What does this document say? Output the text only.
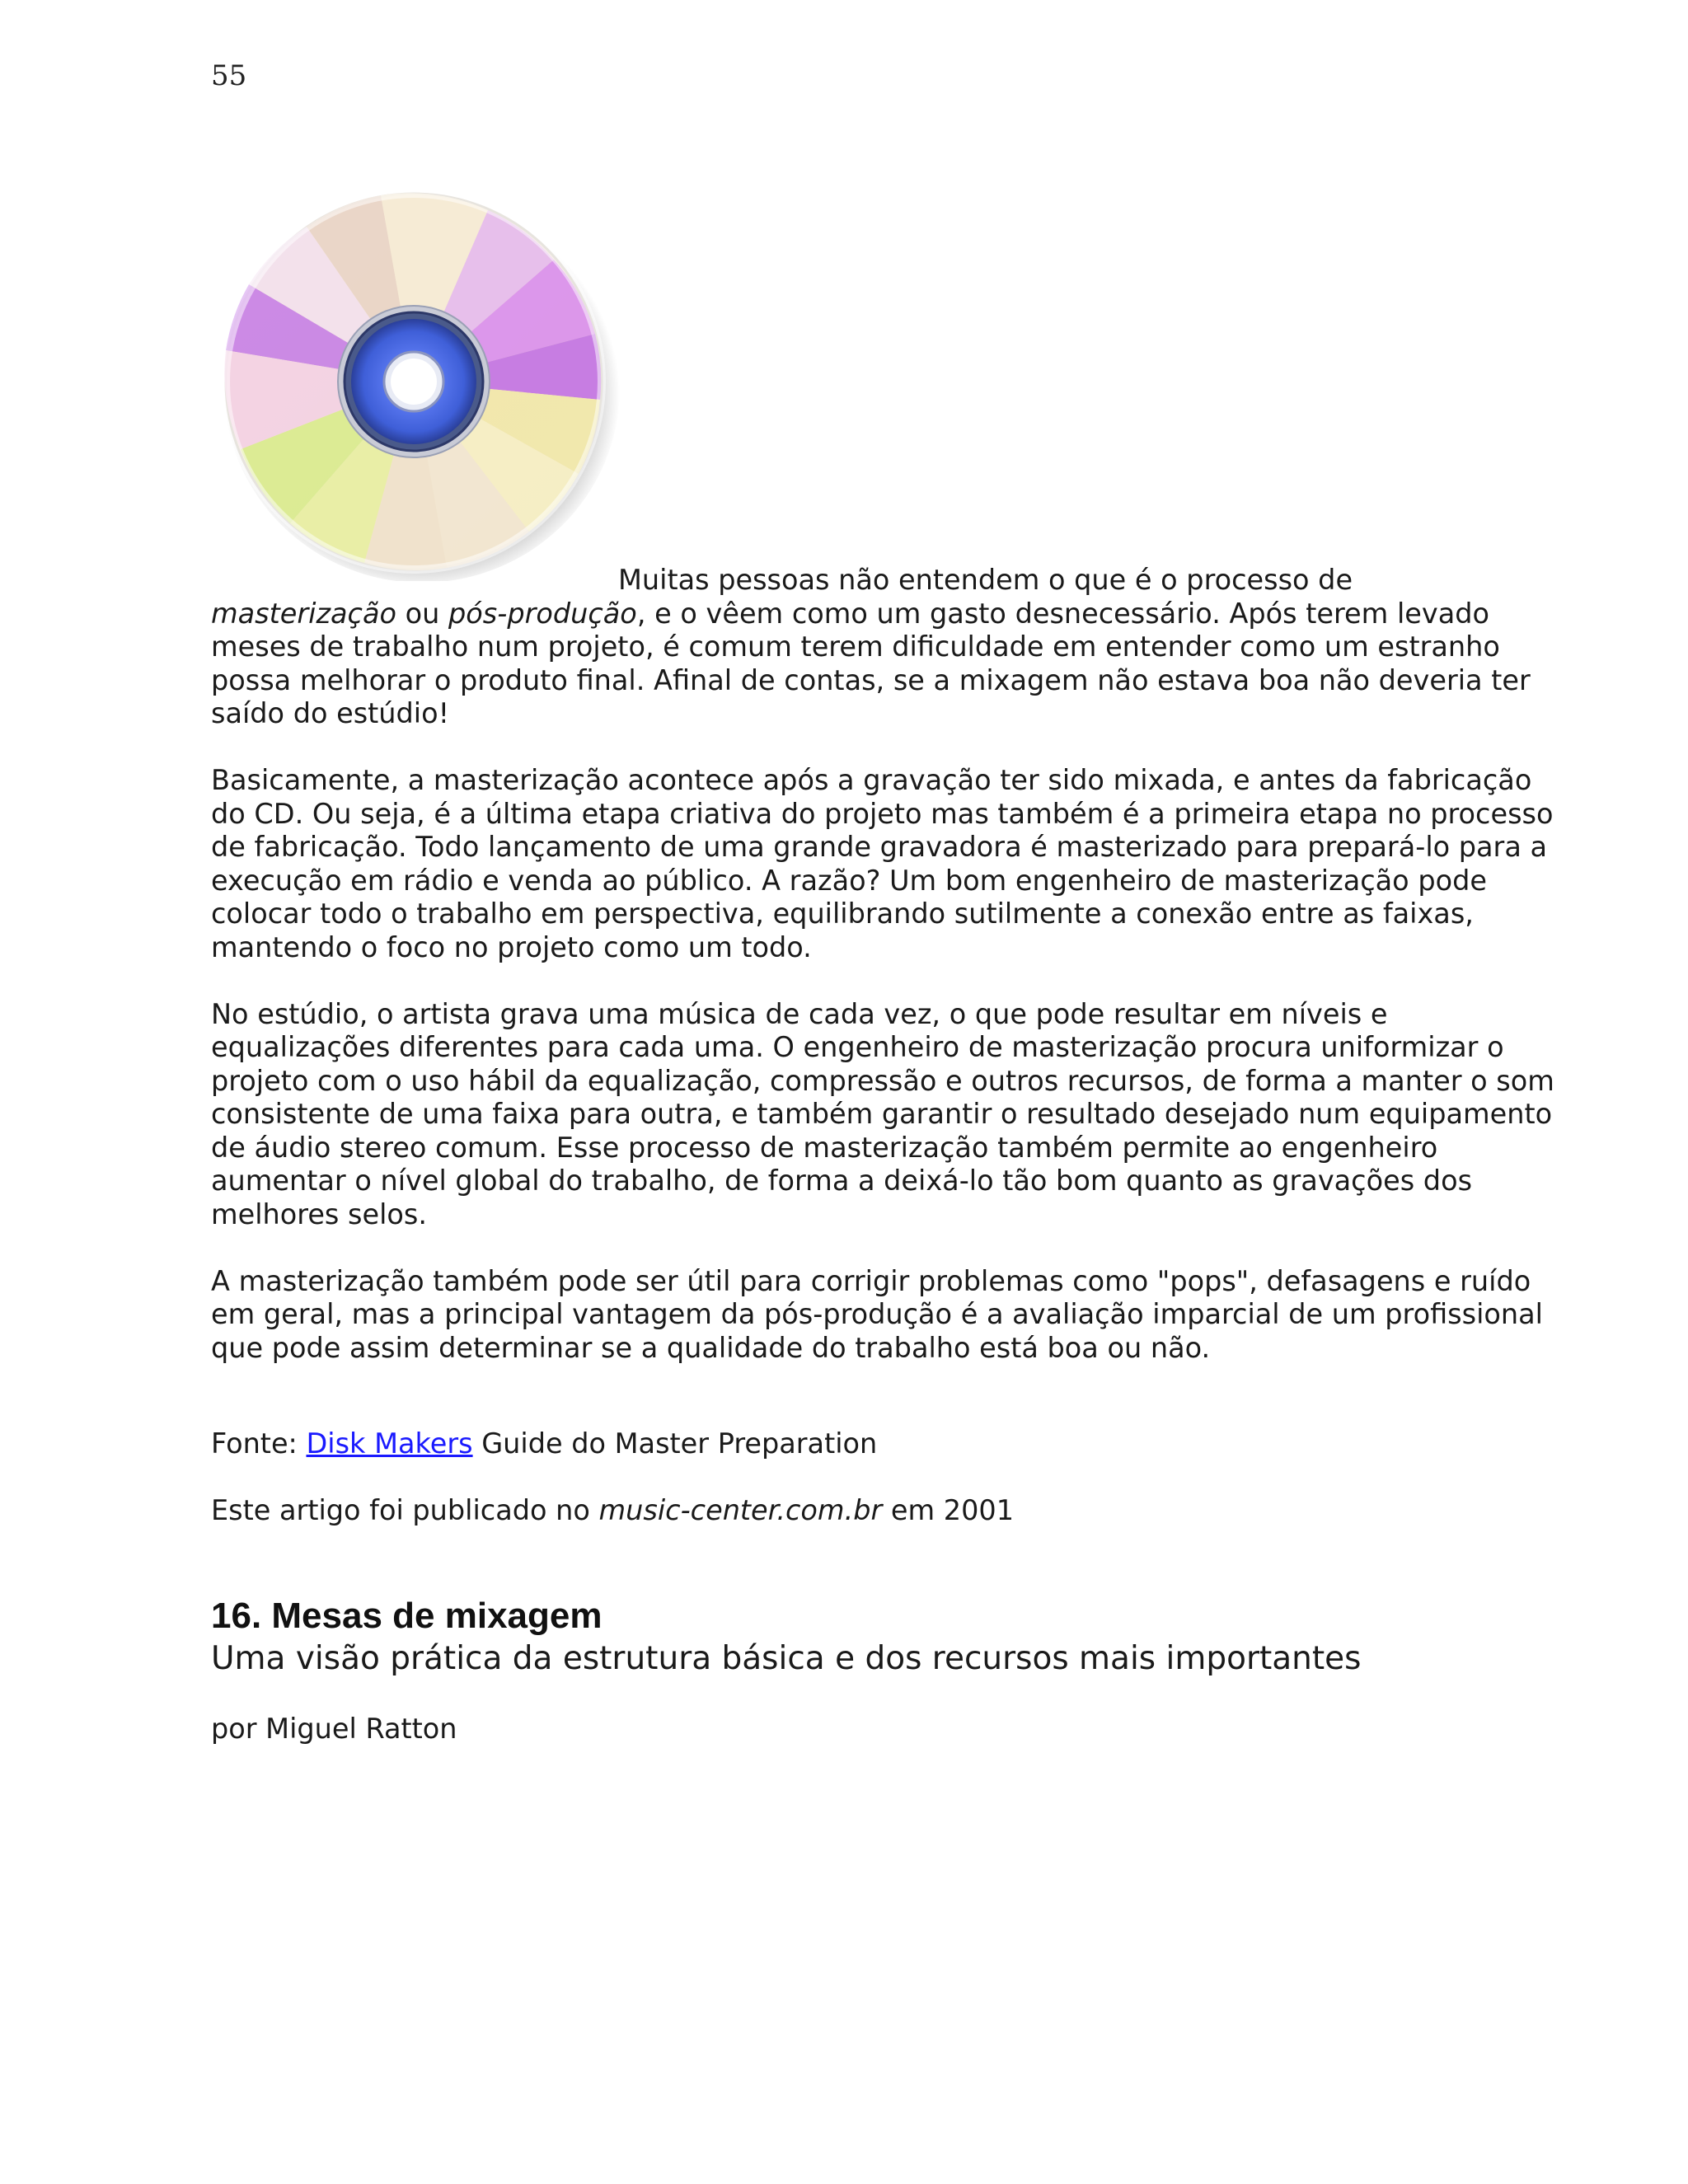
55

Muitas pessoas não entendem o que é o processo de
masterização ou pós-produção, e o vêem como um gasto desnecessário. Após terem levado meses de trabalho num projeto, é comum terem dificuldade em entender como um estranho possa melhorar o produto final. Afinal de contas, se a mixagem não estava boa não deveria ter saído do estúdio!

Basicamente, a masterização acontece após a gravação ter sido mixada, e antes da fabricação do CD. Ou seja, é a última etapa criativa do projeto mas também é a primeira etapa no processo de fabricação. Todo lançamento de uma grande gravadora é masterizado para prepará-lo para a execução em rádio e venda ao público. A razão? Um bom engenheiro de masterização pode colocar todo o trabalho em perspectiva, equilibrando sutilmente a conexão entre as faixas, mantendo o foco no projeto como um todo.

No estúdio, o artista grava uma música de cada vez, o que pode resultar em níveis e equalizações diferentes para cada uma. O engenheiro de masterização procura uniformizar o projeto com o uso hábil da equalização, compressão e outros recursos, de forma a manter o som consistente de uma faixa para outra, e também garantir o resultado desejado num equipamento de áudio stereo comum. Esse processo de masterização também permite ao engenheiro aumentar o nível global do trabalho, de forma a deixá-lo tão bom quanto as gravações dos melhores selos.

A masterização também pode ser útil para corrigir problemas como "pops", defasagens e ruído em geral, mas a principal vantagem da pós-produção é a avaliação imparcial de um profissional que pode assim determinar se a qualidade do trabalho está boa ou não.

Fonte: Disk Makers Guide do Master Preparation
Este artigo foi publicado no music-center.com.br em 2001
16. Mesas de mixagem
Uma visão prática da estrutura básica e dos recursos mais importantes
por Miguel Ratton
